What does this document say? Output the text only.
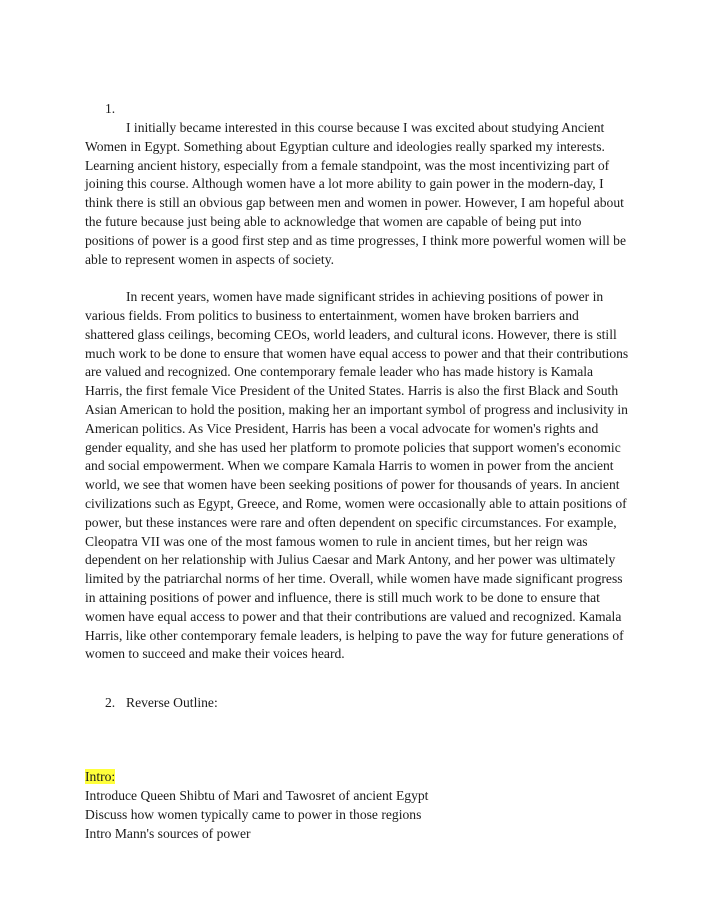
1.

I initially became interested in this course because I was excited about studying Ancient Women in Egypt. Something about Egyptian culture and ideologies really sparked my interests. Learning ancient history, especially from a female standpoint, was the most incentivizing part of joining this course. Although women have a lot more ability to gain power in the modern-day, I think there is still an obvious gap between men and women in power. However, I am hopeful about the future because just being able to acknowledge that women are capable of being put into positions of power is a good first step and as time progresses, I think more powerful women will be able to represent women in aspects of society.

In recent years, women have made significant strides in achieving positions of power in various fields. From politics to business to entertainment, women have broken barriers and shattered glass ceilings, becoming CEOs, world leaders, and cultural icons. However, there is still much work to be done to ensure that women have equal access to power and that their contributions are valued and recognized. One contemporary female leader who has made history is Kamala Harris, the first female Vice President of the United States. Harris is also the first Black and South Asian American to hold the position, making her an important symbol of progress and inclusivity in American politics. As Vice President, Harris has been a vocal advocate for women's rights and gender equality, and she has used her platform to promote policies that support women's economic and social empowerment. When we compare Kamala Harris to women in power from the ancient world, we see that women have been seeking positions of power for thousands of years. In ancient civilizations such as Egypt, Greece, and Rome, women were occasionally able to attain positions of power, but these instances were rare and often dependent on specific circumstances. For example, Cleopatra VII was one of the most famous women to rule in ancient times, but her reign was dependent on her relationship with Julius Caesar and Mark Antony, and her power was ultimately limited by the patriarchal norms of her time. Overall, while women have made significant progress in attaining positions of power and influence, there is still much work to be done to ensure that women have equal access to power and that their contributions are valued and recognized. Kamala Harris, like other contemporary female leaders, is helping to pave the way for future generations of women to succeed and make their voices heard.

2. Reverse Outline:
Intro:
Introduce Queen Shibtu of Mari and Tawosret of ancient Egypt
Discuss how women typically came to power in those regions
Intro Mann's sources of power
